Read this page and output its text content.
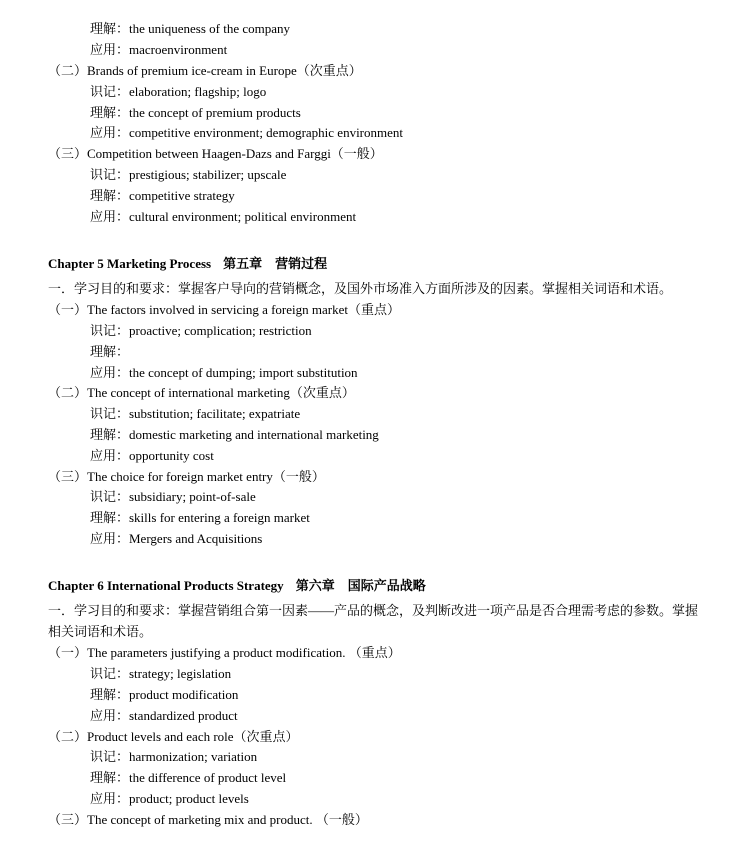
理解：the uniqueness of the company
应用：macroenvironment
（二）Brands of premium ice-cream in Europe（次重点）
识记：elaboration; flagship; logo
理解：the concept of premium products
应用：competitive environment; demographic environment
（三）Competition between Haagen-Dazs and Farggi（一般）
识记：prestigious; stabilizer; upscale
理解：competitive strategy
应用：cultural environment; political environment
Chapter 5 Marketing Process 第五章　营销过程
一．学习目的和要求：掌握客户导向的营销概念，及国外市场准入方面所涉及的因素。掌握相关词语和术语。
（一）The factors involved in servicing a foreign market（重点）
识记：proactive; complication; restriction
理解：
应用：the concept of dumping; import substitution
（二）The concept of international marketing（次重点）
识记：substitution; facilitate; expatriate
理解：domestic marketing and international marketing
应用：opportunity cost
（三）The choice for foreign market entry（一般）
识记：subsidiary; point-of-sale
理解：skills for entering a foreign market
应用：Mergers and Acquisitions
Chapter 6 International Products Strategy 第六章　国际产品战略
一．学习目的和要求：掌握营销组合第一因素——产品的概念，及判断改进一项产品是否合理需考虑的参数。掌握
相关词语和术语。
（一）The parameters justifying a product modification. （重点）
识记：strategy; legislation
理解：product modification
应用：standardized product
（二）Product levels and each role（次重点）
识记：harmonization; variation
理解：the difference of product level
应用：product; product levels
（三）The concept of marketing mix and product. （一般）
